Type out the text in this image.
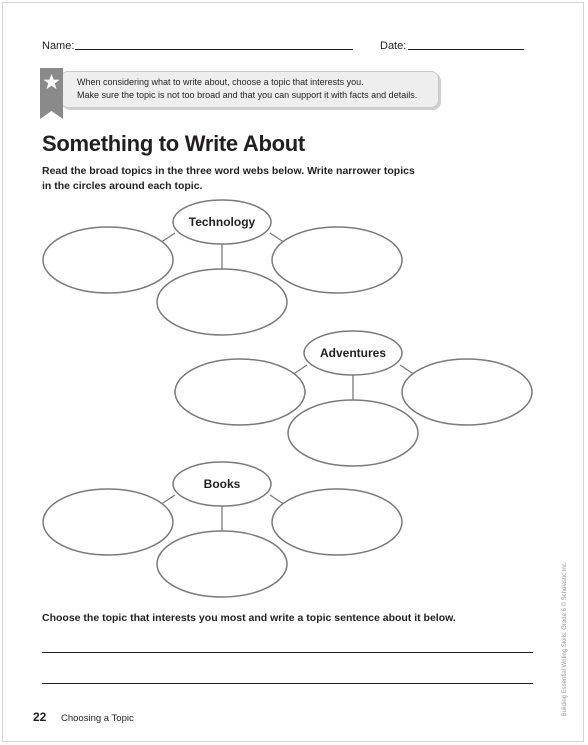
Name:	Date:
When considering what to write about, choose a topic that interests you.
Make sure the topic is not too broad and that you can support it with facts and details.
Something to Write About
Read the broad topics in the three word webs below. Write narrower topics
in the circles around each topic.
Technology
Adventures
Books
Choose the topic that interests you most and write a topic sentence about it below.
22 Choosing a Topic
Building Essential Writing Skills: Grade 6 © Scholastic Inc.
